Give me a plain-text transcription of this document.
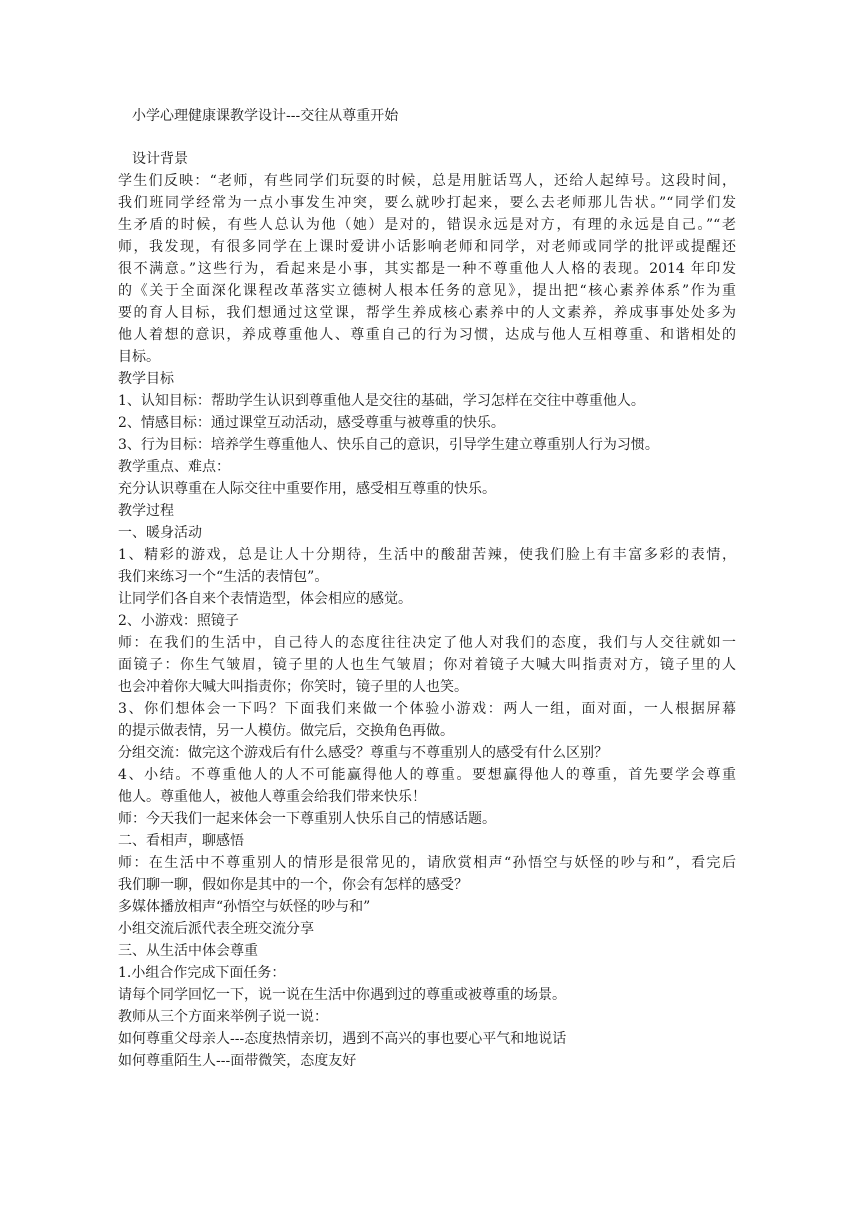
小学心理健康课教学设计---交往从尊重开始
设计背景
学生们反映：“老师，有些同学们玩耍的时候，总是用脏话骂人，还给人起绰号。这段时间，
我们班同学经常为一点小事发生冲突，要么就吵打起来，要么去老师那儿告状。”“同学们发
生矛盾的时候，有些人总认为他（她）是对的，错误永远是对方，有理的永远是自己。”“老
师，我发现，有很多同学在上课时爱讲小话影响老师和同学，对老师或同学的批评或提醒还
很不满意。”这些行为，看起来是小事，其实都是一种不尊重他人人格的表现。2014 年印发
的《关于全面深化课程改革落实立德树人根本任务的意见》，提出把“核心素养体系”作为重
要的育人目标，我们想通过这堂课，帮学生养成核心素养中的人文素养，养成事事处处多为
他人着想的意识，养成尊重他人、尊重自己的行为习惯，达成与他人互相尊重、和谐相处的
目标。
教学目标
1、认知目标：帮助学生认识到尊重他人是交往的基础，学习怎样在交往中尊重他人。
2、情感目标：通过课堂互动活动，感受尊重与被尊重的快乐。
3、行为目标：培养学生尊重他人、快乐自己的意识，引导学生建立尊重别人行为习惯。
教学重点、难点：
充分认识尊重在人际交往中重要作用，感受相互尊重的快乐。
教学过程
一、暖身活动
1、精彩的游戏，总是让人十分期待，生活中的酸甜苦辣，使我们脸上有丰富多彩的表情，
我们来练习一个“生活的表情包”。
让同学们各自来个表情造型，体会相应的感觉。
2、小游戏：照镜子
师：在我们的生活中，自己待人的态度往往决定了他人对我们的态度，我们与人交往就如一
面镜子：你生气皱眉，镜子里的人也生气皱眉；你对着镜子大喊大叫指责对方，镜子里的人
也会冲着你大喊大叫指责你；你笑时，镜子里的人也笑。
3、你们想体会一下吗？下面我们来做一个体验小游戏：两人一组，面对面，一人根据屏幕
的提示做表情，另一人模仿。做完后，交换角色再做。
分组交流：做完这个游戏后有什么感受？尊重与不尊重别人的感受有什么区别？
4、小结。不尊重他人的人不可能赢得他人的尊重。要想赢得他人的尊重，首先要学会尊重
他人。尊重他人，被他人尊重会给我们带来快乐！
师：今天我们一起来体会一下尊重别人快乐自己的情感话题。
二、看相声，聊感悟
师：在生活中不尊重别人的情形是很常见的，请欣赏相声“孙悟空与妖怪的吵与和”，看完后
我们聊一聊，假如你是其中的一个，你会有怎样的感受？
多媒体播放相声“孙悟空与妖怪的吵与和”
小组交流后派代表全班交流分享
三、从生活中体会尊重
1.小组合作完成下面任务：
请每个同学回忆一下，说一说在生活中你遇到过的尊重或被尊重的场景。
教师从三个方面来举例子说一说：
如何尊重父母亲人---态度热情亲切，遇到不高兴的事也要心平气和地说话
如何尊重陌生人---面带微笑，态度友好
